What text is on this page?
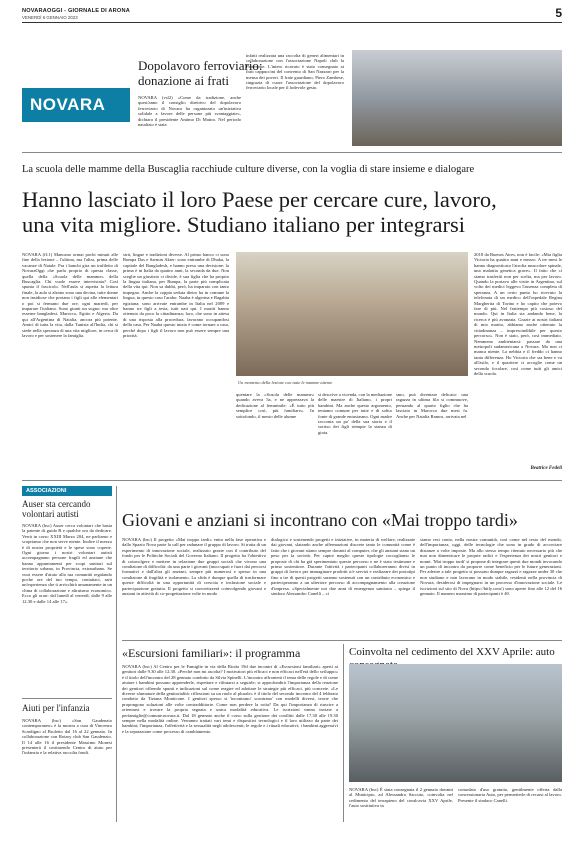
NOVARAOGGI - GIORNALE DI ARONA
VENERDÌ 6 GENNAIO 2023	5
NOVARA
Dopolavoro ferroviario:
donazione ai frati
NOVARA (vsl2) «Come da tradizione, anche quest'anno il consiglio direttivo del dopolavoro ferroviario di Novara ha organizzato un'iniziativa solidale a favore delle persone più svantaggiate», dichiara il presidente Antimo Di Maitro. Nel periodo natalizio è stata
infatti realizzata una raccolta di generi alimentari in collaborazione con l'associazione Napoli club la Partenope. L'intero ricavato è stato consegnato ai frati cappuccini del convento di San Nazzaro per la mensa dei poveri. Il frate guardiano, Piero Zambese, ringrazia di cuore l'associazione del dopolavoro ferroviario locale per il lodevole gesto.
La scuola delle mamme della Buscaglia racchiude culture diverse, con la voglia di stare insieme e dialogare
Hanno lasciato il loro Paese per cercare cure, lavoro,
una vita migliore. Studiano italiano per integrarsi
NOVARA (fl:1) Mancano ormai pochi minuti alle fine della lezione – l'ultima, ma l'altra, prima delle vacanze di Natale. Fra i banchi gira un trafiletto di NovaraOggi che parla proprio di questa classe, quella della «Scuola delle mamme» della Buscaglia. Chi vuole essere intervistata? Così spunta il fascicolo. Nell'aula si aspetta la lettura finale, la aula si alzano sono una decina, tutte donne non insidiose che portano i figli qui alle elementari o poi si fermano due ore, ogni martedì, per imparare l'italiano. Sono giunti un sogno: ma oltre esserne bangladesi, Marocco, Egitto e Algeria. Da qui all'Argentina di Natalia, ancora più potente. Amici di tutta la vita, dalla Tunisia all'India, chi si siede nella speranza di una vita migliore, in cerca di lavoro e per sostenere la famiglia.
sirti, lingue e tradizioni diverse. Al primo banco ci sono Rumpa Das e Sarmin Akter: sono entrambe di Dhaka, la capitale del Bangladesh, e hanno preso una decisione: la prima è in Italia da quattro anni, la seconda da due. Non sceglie un giustizio ci divide, è sua figlia che ha proprio la lingua italiana, per Rumpa, la parte più complicata della vita qui. Non sa dubbi, però, ha imparato con tanto impegno. Anche la coppia seduta dietro ha in comune la lingua, in questo caso l'arabo: Naaba è algerina e Ragabia egiziana; sono arrivate entrambe in Italia nel 2009 e hanno tre figli a testa, tutti nati qui. I mariti hanno ottenuto da poco la cittadinanza; loro, che sono in attesa di una risposta alla procedura, lavorano occupandosi della casa. Per Naaba questo inizio è come tornare a casa, perché dopo i figli il lavoro non può essere sempre una priorità.
Un momento della lezione con tutte le mamme attente
quentare la «Scuola delle mamme» quando aveva 5a, e ne apprezzava la dedicazione al femminile: «È tutto più semplice così, più familiare». In sottofondo, il mesto delle alunne
si descrive a vicenda, con la mediazione delle maestre di Italiano, i propri bambini. Ma anche questo argomento, teniamo comune per tutte e di solito fonte di grande entusiasmo. Ogni madre racconta un po' della sua storia e il sorriso dei figli riempie la stanza di gioia.
smo, può diventare delicato: una ragazza in ultima fila si commuove, pensando al quarto figlio che ha lasciato in Marocco due mesi fa. Anche per Natalia Ramos, arrivata nel
2018 da Buenos Aires, non è facile: «Mia figlia Victoria ha quattro anni e mezzo. A tre mesi le hanno diagnosticato l'atrofia muscolare spinale, una malattia genetica grave». Il fatto che ci siamo trasferiti non per scelta, ma per lavoro. Quando la portavo alle visite in Argentina, sul volto dei medici leggevo l'assenza completa di speranza. A un certo punto ho ricevuto la telefonata di un medico dell'ospedale Regina Margherita di Torino e ho capito che potevo fare di più. Nel frattempo più costoso del mondo. Qui in Italia sta andando bene, la ricerca è più avanzata. Grazie ai nostri italiani di mio marito, abbiamo anche ottenuto la cittadinanza – imprescindibile per questo percorso». Non è stato, però, così immediato. Nemmeno ambientarsi: passare da una metropoli sudamericana a Novara. Ma non ci manca niente. La nebbia e il freddo ci hanno tanta differenza. Ho Victoria che sta bene e va all'asilo, e il quartiere ci accoglie come un secondo focolare, così come tutti gli amici della scuola.
Beatrice Fedeli
ASSOCIAZIONI
Auser sta cercando
volontari autisti
NOVARA (bsc) Auser cerca volontari che basta la patente di guida B e qualche ora da dedicare. Verrà in corso XXIII Marzo 204, ne parliamo e scopriamo che non serve niente. Inoltre il mezzo è di nostra proprietà e le spese sono coperte. Ogni giorno i nostri volontari autisti accompagnano persone fragili ed anziane che hanno appuntamenti per scopi sanitari sul territorio urbano, in Provincia, extraurbano. Se vuoi essere d'aiuto alla tua comunità regalando poche ore del tuo tempo, contattaci, sarà un'esperienza che ti arricchirà umanamente in un clima di collaborazione e altruismo economico. Ecco gli orari: dal lunedì al venerdì, dalle 9 alle 12.30 e dalle 14 alle 17».
Aiuti per l'infanzia
NOVARA (bsc) «San Gaudenzio contemporaneo» è la mostra a cura di Vincenzo Scardigno al Broletto dal 16 al 22 gennaio. In collaborazione con Rotary club San Gaudenzio. Il 14 alle 16 il presidente Massimo Monesi presenterà il costituendo Centro di aiuto per l'infanzia e la relativa raccolta fondi.
Giovani e anziani si incontrano con «Mai troppo tardi»
NOVARA (bsc) Il progetto «Mai troppo tardi» entra nella fase operativa e dallo Spazio Nova parte la call per radunare il gruppo di lavoro. Si tratta di un esperimento di innovazione sociale, realizzato grazie con il contributo del fondo per le Politiche Sociali del Governo Italiano. Il progetto ha l'obiettivo di coinvolgere e mettere in relazione due gruppi sociali che vivono una condizione di difficoltà: da una parte i giovani (inoccupati e fuori dai percorsi formativi e dall'altra gli anziani, sempre più numerosi e spesso in una condizione di fragilità e isolamento. La sfida è dunque quella di trasformare queste difficoltà in una opportunità di crescita e inclusione sociale e partecipazione gratuita. Il progetto si concretizzerà coinvolgendo giovani e anziani in attività di co-progettazione volte in modo
dialogico e sostenendo progetti e iniziative, in materia di welfare, realizzate dai giovani, slatando anche affermazioni discrete tanto le comunità come è fatto che i giovani stiano sempre davanti al computer, che gli anziani siano un peso per la società. Per capire meglio queste tipologie raccogliamo le proposte di chi ha già sperimentato questo percorso e ne è stato testimone e primo sostenitore. Durante l'attività i partecipanti collaboreranno divisi in gruppi di lavoro per immaginare prodotti o/e servizi e realizzare dei prototipi fino a tre di questi progetti saranno sostenuti con un contributo economico e parteciperanno a un ulteriore percorso di accompagnamento alla creazione d'impresa. «Specialmente noi due anni di emergenza sanitaria – spiega il sindaco Alessandro Canelli – ci
siamo resi conto, nella nostra comunità, così come nel resto del mondo, dell'importanza, oggi, delle tecnologie che sono in grado di accorciare distanze a volte imposte. Ma allo stesso tempo ritenuto necessario più che mai non dimenticare le proprie radici e l'esperienza dei nostri genitori e nonni. 'Mai troppo tardi' si propone di integrare questi due mondi invocando un punto di incontro da proporre come beneficio per le future generazioni. Per aderire a tale progetto si possono dunque ragazzi e ragazze under 30 che non studiano e non lavorano in modo stabile, residenti nella provincia di Novara, desiderosi di impegnarsi in un processo d'innovazione sociale. Le iscrizioni sul sito di Nova (https://bitly.com/) sono aperte fino alle 12 del 16 gennaio. Il numero massimo di partecipanti è 40.
«Escursioni familiari»: il programma
NOVARA (bsc) Al Centro per le Famiglie in via della Riotta 19d due incontri di «Escursioni familiari» aperti ai genitori dalle 9.30 alle 12.30. «Perché non mi ascolta? I motivatori più efficaci e non efficaci nell'età dello sviluppo» è il titolo dell'incontro del 28 gennaio condotto da Silvia Spinelli. L'incontro affronterà il tema delle regole e di come aiutare i bambini possano apprenderle, rispettare e rifiutarsi a seguirle; si approfondirà l'importanza della reazione dei genitori offrendo spunti e indicazioni sul come reagire ed adottare le strategie più efficaci, più concrete. «Le diverse sfumature della genitorialità: riflessioni su un ruolo al plurale» è il titolo del secondo incontro del 4 febbraio condotto da Tiziana Monticone. I genitori spesso si 'incontrano' scontrano' con modelli diversi, teorie che propongono soluzioni alle volte contraddittorie. Come non perdere la rotta? Da qui l'importanza di riuscire a orientarsi e trovare la propria segnata e unica modalità educativa. Le iscrizioni vanno inviate a perfamiglie@comune.novara.it. Dal 18 gennaio anche il corso sulla gestione dei conflitti dalle 17.30 alle 19.30 sempre nella modalità online. Verranno trattati vari temi e dispositivi tecnologici e il loro utilizzo da parte dei bambini; l'importanza, l'affettività e la sessualità negli adolescenti; le regole e i rituali educativi; i bambini aggressivi e la separazione come processo di cambiamento.
Coinvolta nel cedimento del XXV Aprile: auto
NOVARA (bsc) È stata consegnata il 2 gennaio davanti al Municipio, ad Alessandra Saccuto, coinvolta nel cedimento del terrapieno del cavalcavia XXV Aprile, l'auto sostitutiva in
comodato d'uso gratuito, gentilmente offerta dalla concessionaria Auto, per permetterle di recarsi al lavoro. Presente il sindaco Canelli.
